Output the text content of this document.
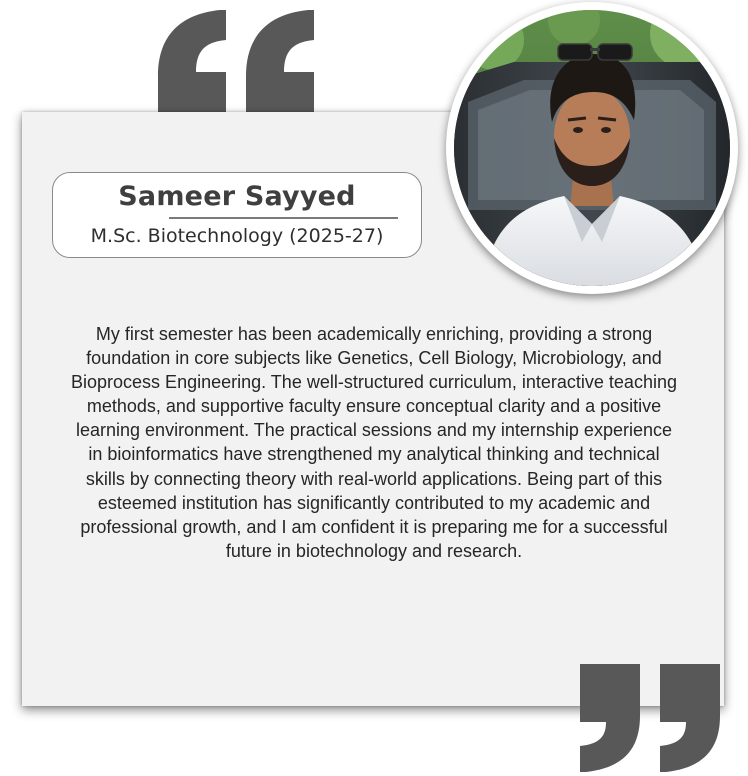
Sameer Sayyed
M.Sc. Biotechnology (2025-27)

My first semester has been academically enriching, providing a strong foundation in core subjects like Genetics, Cell Biology, Microbiology, and Bioprocess Engineering. The well-structured curriculum, interactive teaching methods, and supportive faculty ensure conceptual clarity and a positive learning environment. The practical sessions and my internship experience in bioinformatics have strengthened my analytical thinking and technical skills by connecting theory with real-world applications. Being part of this esteemed institution has significantly contributed to my academic and professional growth, and I am confident it is preparing me for a successful future in biotechnology and research.
